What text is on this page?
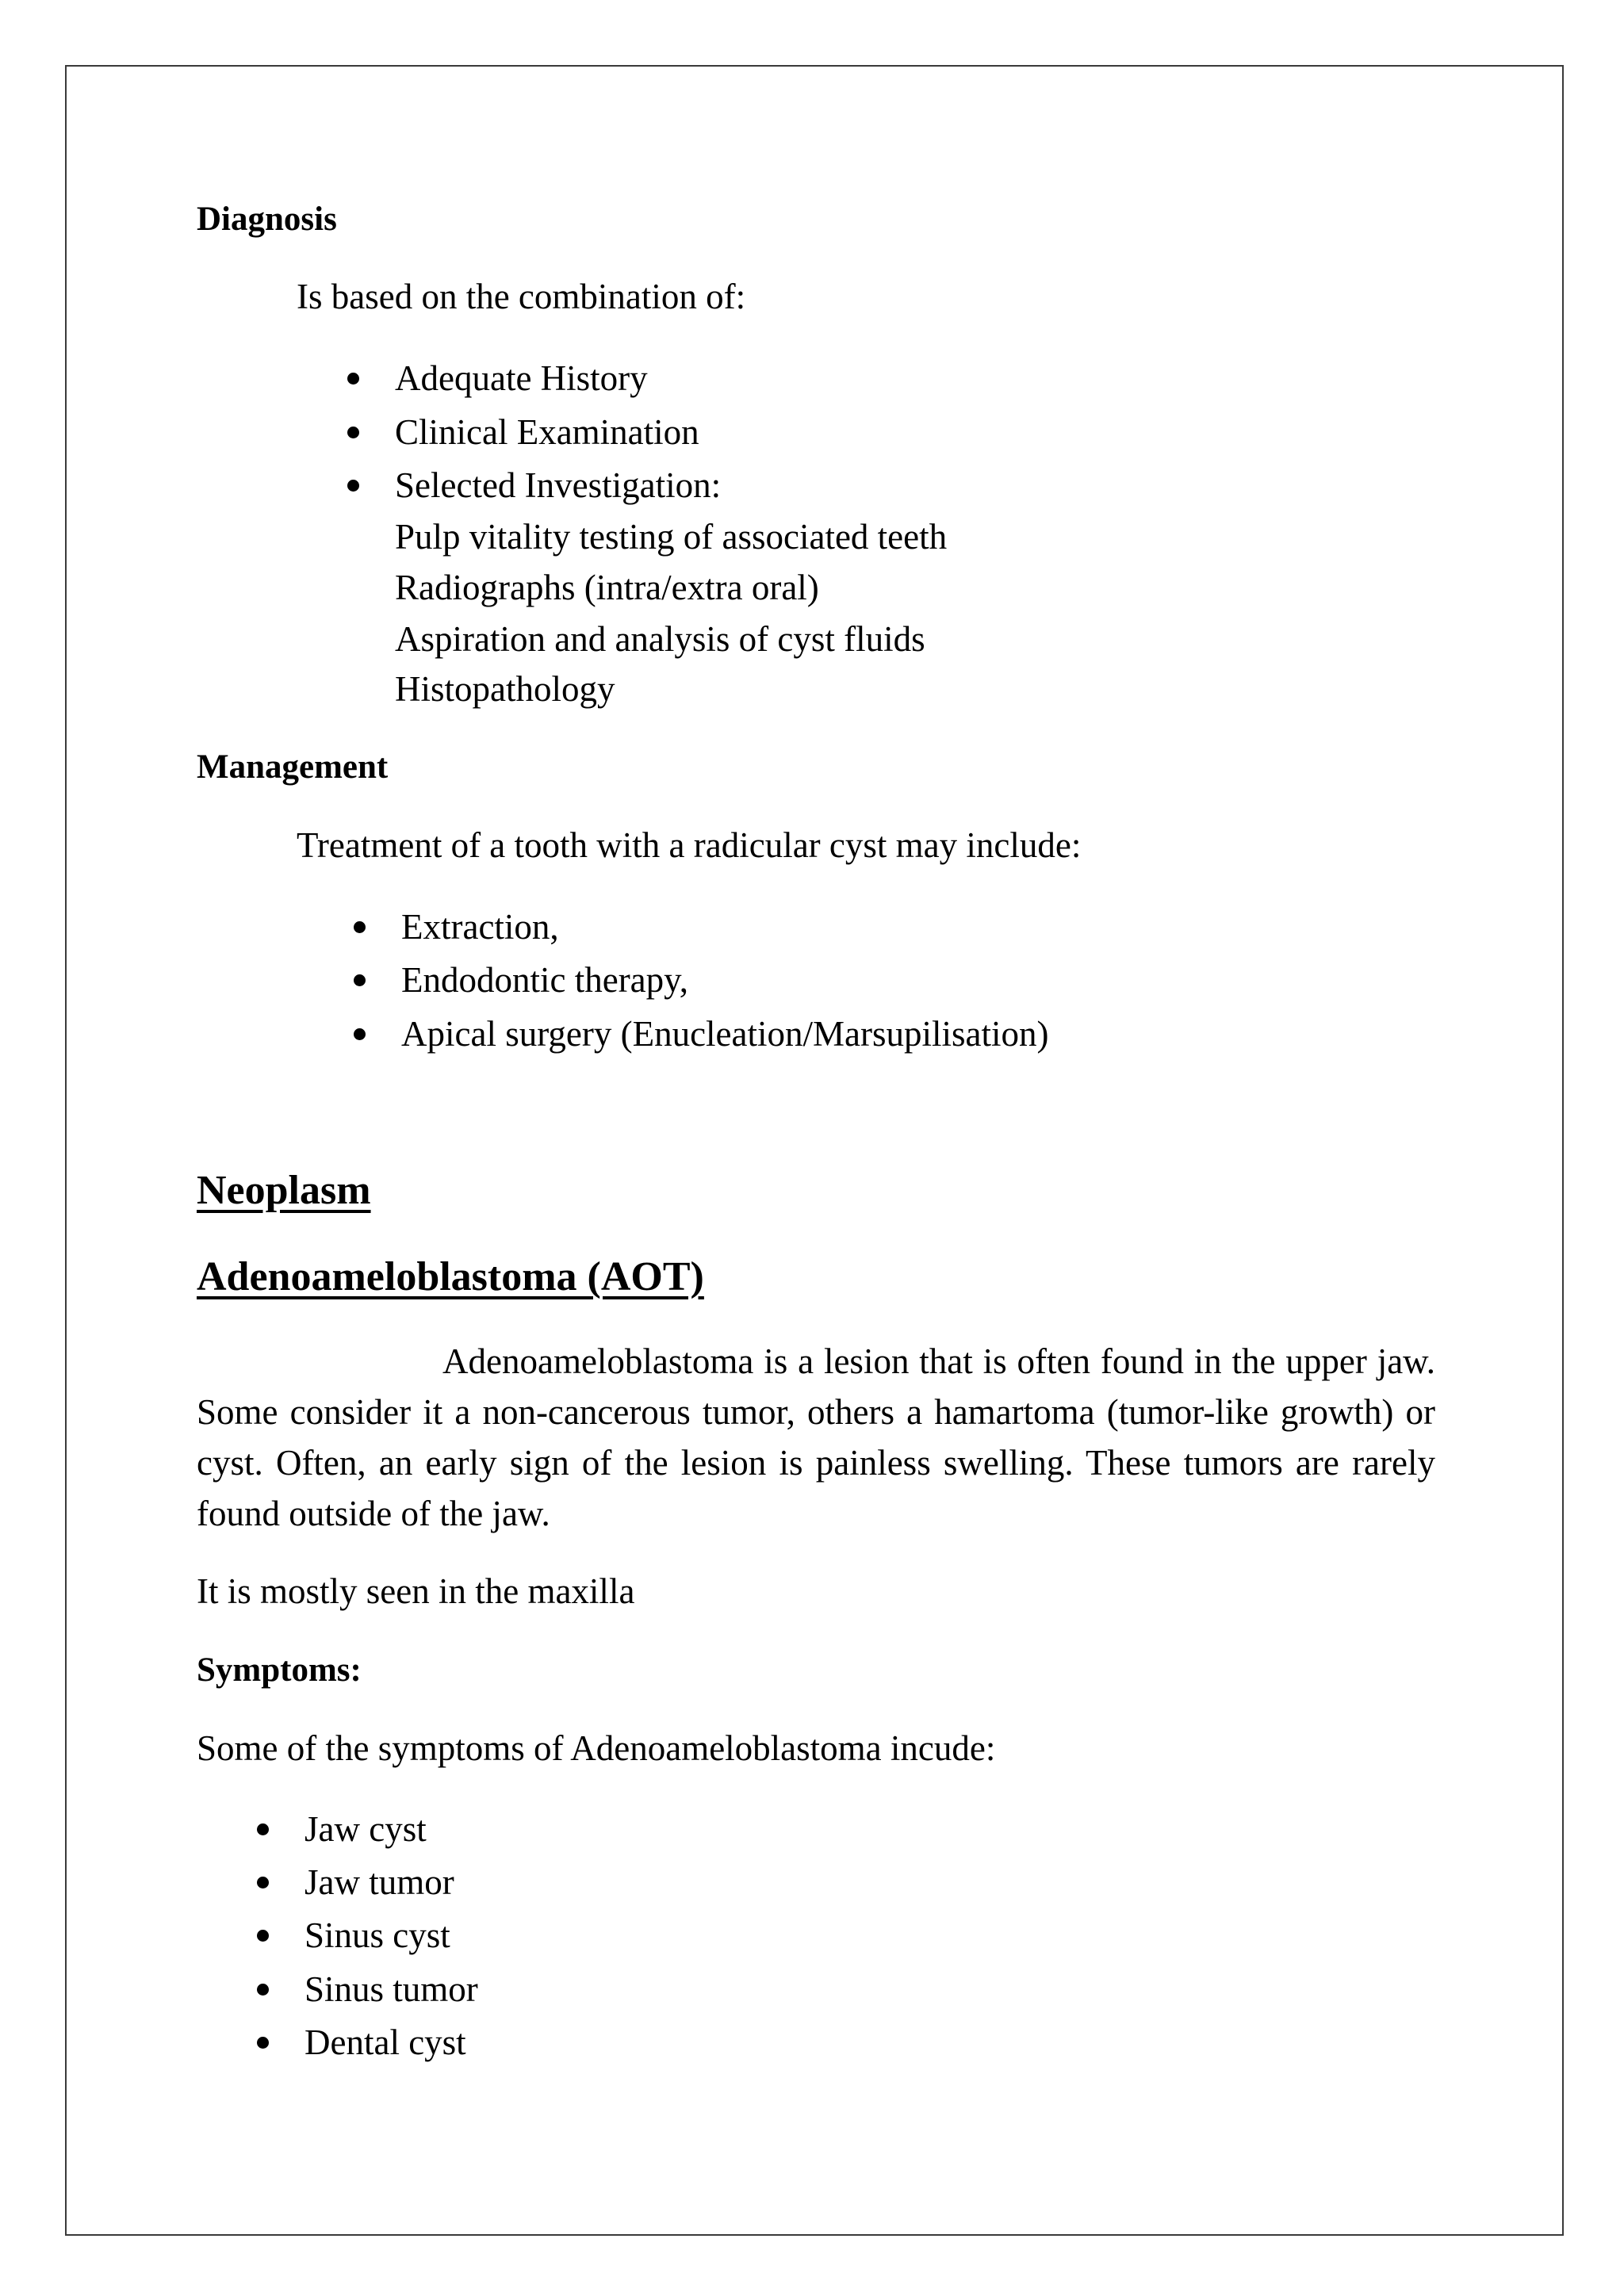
Diagnosis
Is based on the combination of:
Adequate History
Clinical Examination
Selected Investigation:
Pulp vitality testing of associated teeth
Radiographs (intra/extra oral)
Aspiration and analysis of cyst fluids
Histopathology
Management
Treatment of a tooth with a radicular cyst may include:
Extraction,
Endodontic therapy,
Apical surgery (Enucleation/Marsupilisation)
Neoplasm
Adenoameloblastoma (AOT)
Adenoameloblastoma is a lesion that is often found in the upper jaw. Some consider it a non-cancerous tumor, others a hamartoma (tumor-like growth) or cyst. Often, an early sign of the lesion is painless swelling. These tumors are rarely found outside of the jaw.
It is mostly seen in the maxilla
Symptoms:
Some of the symptoms of Adenoameloblastoma incude:
Jaw cyst
Jaw tumor
Sinus cyst
Sinus tumor
Dental cyst
